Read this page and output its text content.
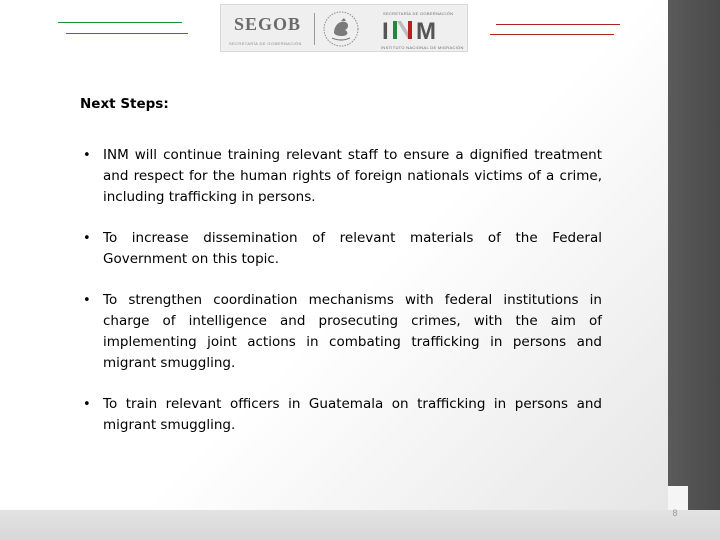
SEGOB
SECRETARÍA DE GOBERNACIÓN
SECRETARÍA DE GOBERNACIÓN
I M
INSTITUTO NACIONAL DE MIGRACIÓN
Next Steps:
• INM will continue training relevant staff to ensure a dignified treatment and respect for the human rights of foreign nationals victims of a crime, including trafficking in persons.
• To increase dissemination of relevant materials of the Federal Government on this topic.
• To strengthen coordination mechanisms with federal institutions in charge of intelligence and prosecuting crimes, with the aim of implementing joint actions in combating trafficking in persons and migrant smuggling.
• To train relevant officers in Guatemala on trafficking in persons and migrant smuggling.
8
